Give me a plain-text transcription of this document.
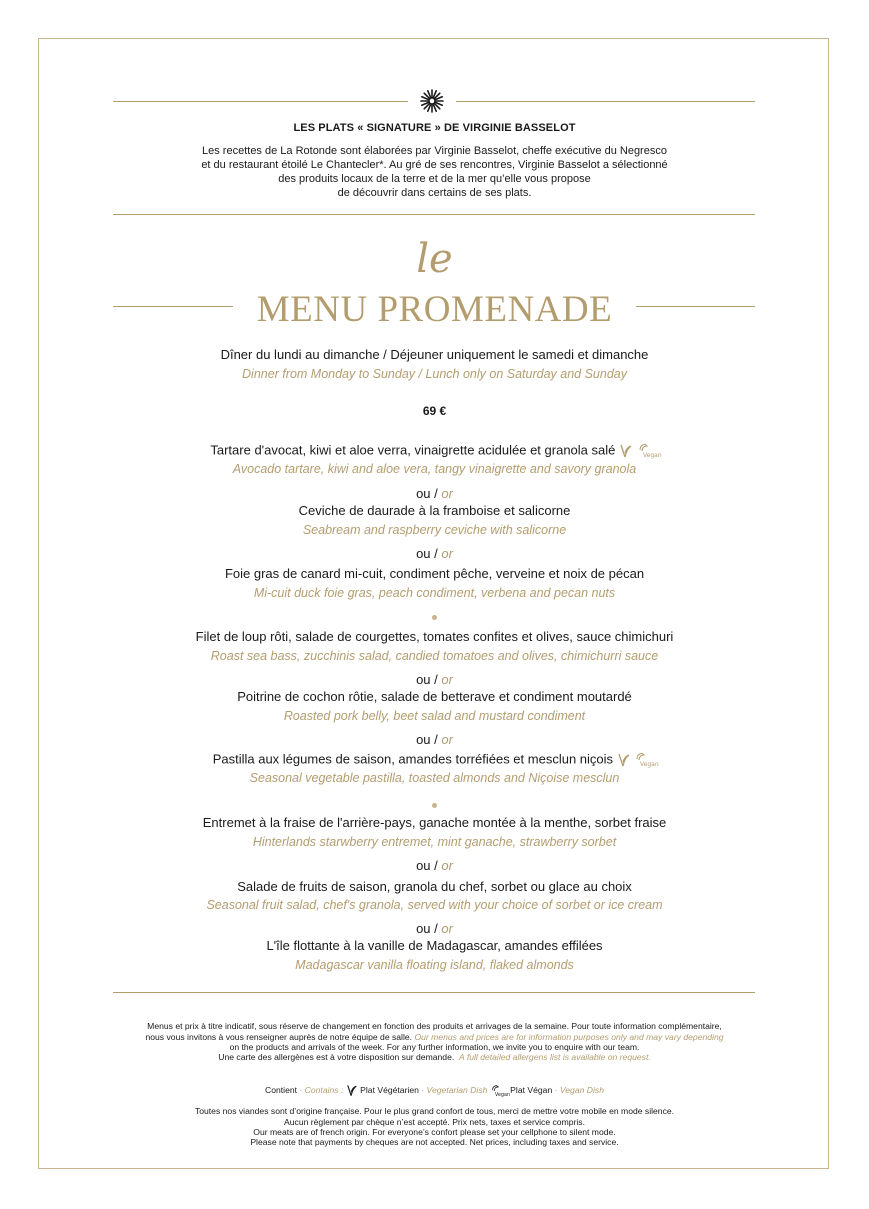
LES PLATS « SIGNATURE » DE VIRGINIE BASSELOT
Les recettes de La Rotonde sont élaborées par Virginie Basselot, cheffe exécutive du Negresco
et du restaurant étoilé Le Chantecler*. Au gré de ses rencontres, Virginie Basselot a sélectionné
des produits locaux de la terre et de la mer qu’elle vous propose
de découvrir dans certains de ses plats.
le
MENU PROMENADE
Dîner du lundi au dimanche / Déjeuner uniquement le samedi et dimanche
Dinner from Monday to Sunday / Lunch only on Saturday and Sunday
69 €
Tartare d'avocat, kiwi et aloe verra, vinaigrette acidulée et granola salé	Vegan
Avocado tartare, kiwi and aloe vera, tangy vinaigrette and savory granola
ou / or
Ceviche de daurade à la framboise et salicorne
Seabream and raspberry ceviche with salicorne
ou / or
Foie gras de canard mi-cuit, condiment pêche, verveine et noix de pécan
Mi-cuit duck foie gras, peach condiment, verbena and pecan nuts
Filet de loup rôti, salade de courgettes, tomates confites et olives, sauce chimichuri
Roast sea bass, zucchinis salad, candied tomatoes and olives, chimichurri sauce
ou / or
Poitrine de cochon rôtie, salade de betterave et condiment moutardé
Roasted pork belly, beet salad and mustard condiment
ou / or
Pastilla aux légumes de saison, amandes torréfiées et mesclun niçois	Vegan
Seasonal vegetable pastilla, toasted almonds and Niçoise mesclun
Entremet à la fraise de l'arrière-pays, ganache montée à la menthe, sorbet fraise
Hinterlands starwberry entremet, mint ganache, strawberry sorbet
ou / or
Salade de fruits de saison, granola du chef, sorbet ou glace au choix
Seasonal fruit salad, chef's granola, served with your choice of sorbet or ice cream
ou / or
L'île flottante à la vanille de Madagascar, amandes effilées
Madagascar vanilla floating island, flaked almonds
Menus et prix à titre indicatif, sous réserve de changement en fonction des produits et arrivages de la semaine. Pour toute information complémentaire,
nous vous invitons à vous renseigner auprès de notre équipe de salle. Our menus and prices are for information purposes only and may vary depending
on the products and arrivals of the week. For any further information, we invite you to enquire with our team.
Une carte des allergènes est à votre disposition sur demande. A full detailed allergens list is available on request.
Contient · Contains : Plat Végétarien · Vegetarian Dish Vegan Plat Végan · Vegan Dish
Toutes nos viandes sont d’origine française. Pour le plus grand confort de tous, merci de mettre votre mobile en mode silence.
Aucun règlement par chèque n’est accepté. Prix nets, taxes et service compris.
Our meats are of french origin. For everyone’s confort please set your cellphone to silent mode.
Please note that payments by cheques are not accepted. Net prices, including taxes and service.
